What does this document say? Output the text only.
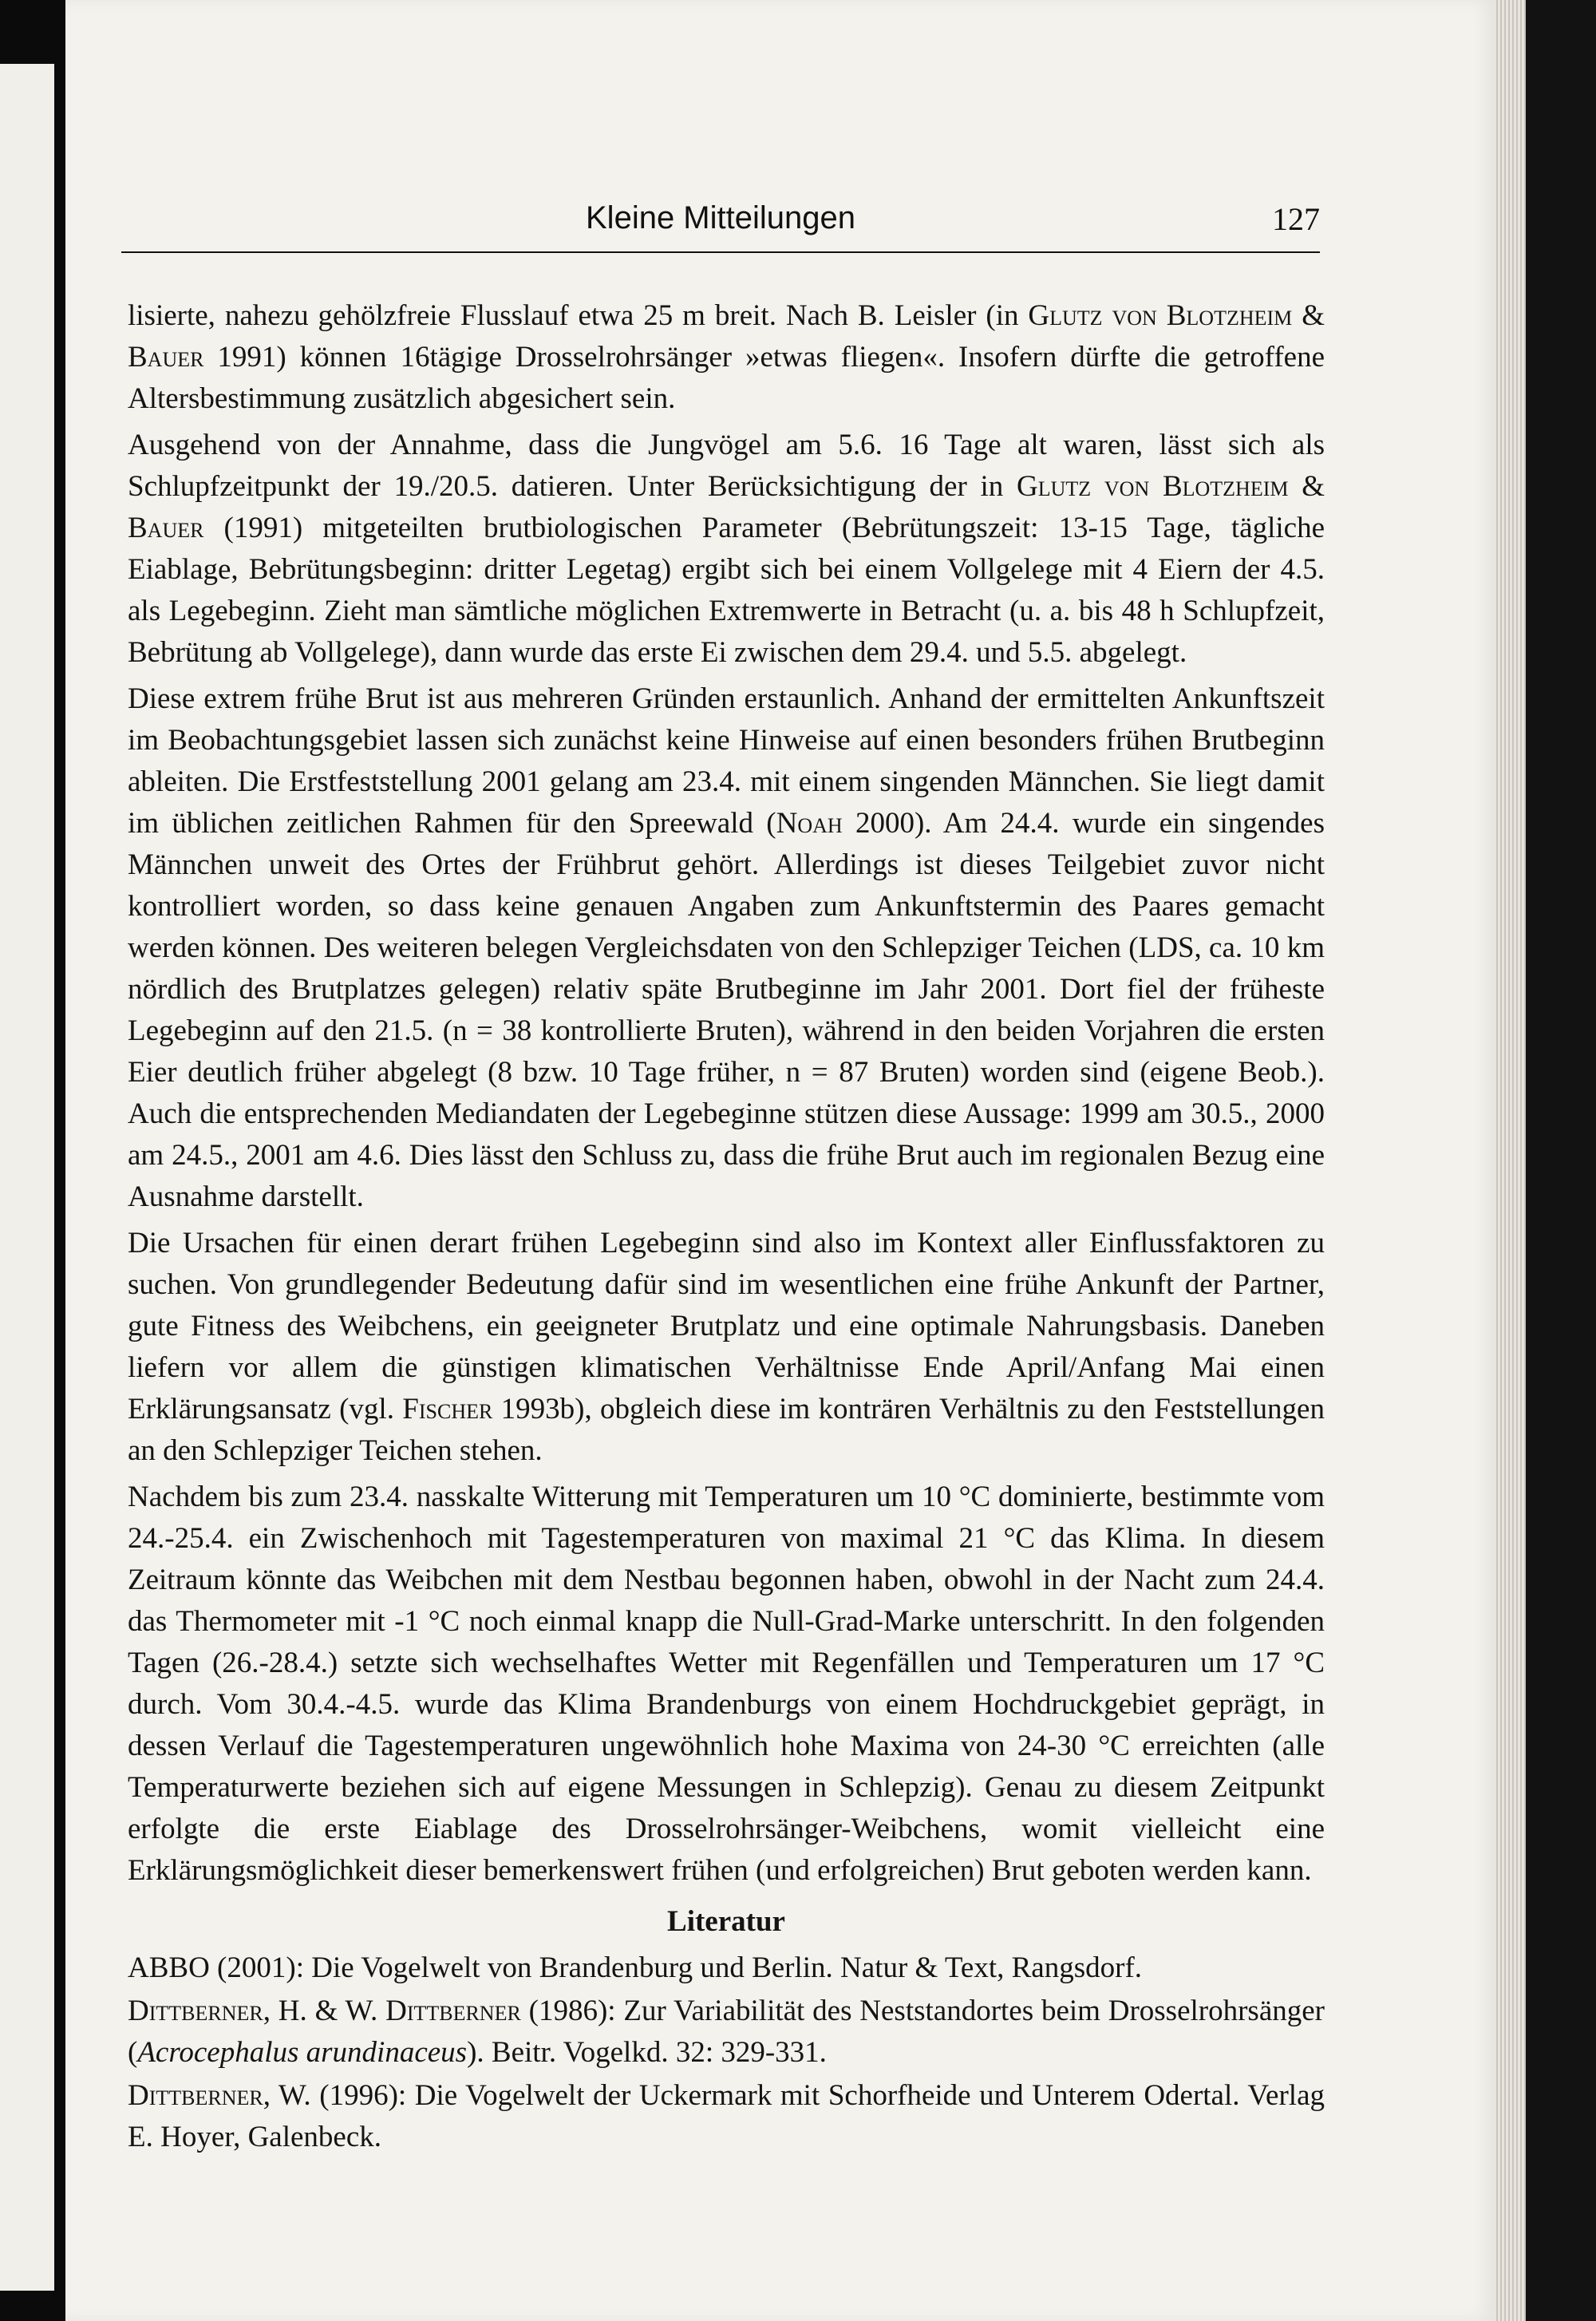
Kleine Mitteilungen	127

lisierte, nahezu gehölzfreie Flusslauf etwa 25 m breit. Nach B. Leisler (in Glutz von Blotzheim & Bauer 1991) können 16tägige Drosselrohrsänger »etwas fliegen«. Insofern dürfte die getroffene Altersbestimmung zusätzlich abgesichert sein.

Ausgehend von der Annahme, dass die Jungvögel am 5.6. 16 Tage alt waren, lässt sich als Schlupfzeitpunkt der 19./20.5. datieren. Unter Berücksichtigung der in Glutz von Blotzheim & Bauer (1991) mitgeteilten brutbiologischen Parameter (Bebrütungszeit: 13-15 Tage, tägliche Eiablage, Bebrütungsbeginn: dritter Legetag) ergibt sich bei einem Vollgelege mit 4 Eiern der 4.5. als Legebeginn. Zieht man sämtliche möglichen Extremwerte in Betracht (u. a. bis 48 h Schlupfzeit, Bebrütung ab Vollgelege), dann wurde das erste Ei zwischen dem 29.4. und 5.5. abgelegt.

Diese extrem frühe Brut ist aus mehreren Gründen erstaunlich. Anhand der ermittelten Ankunftszeit im Beobachtungsgebiet lassen sich zunächst keine Hinweise auf einen besonders frühen Brutbeginn ableiten. Die Erstfeststellung 2001 gelang am 23.4. mit einem singenden Männchen. Sie liegt damit im üblichen zeitlichen Rahmen für den Spreewald (Noah 2000). Am 24.4. wurde ein singendes Männchen unweit des Ortes der Frühbrut gehört. Allerdings ist dieses Teilgebiet zuvor nicht kontrolliert worden, so dass keine genauen Angaben zum Ankunftstermin des Paares gemacht werden können. Des weiteren belegen Vergleichsdaten von den Schlepziger Teichen (LDS, ca. 10 km nördlich des Brutplatzes gelegen) relativ späte Brutbeginne im Jahr 2001. Dort fiel der früheste Legebeginn auf den 21.5. (n = 38 kontrollierte Bruten), während in den beiden Vorjahren die ersten Eier deutlich früher abgelegt (8 bzw. 10 Tage früher, n = 87 Bruten) worden sind (eigene Beob.). Auch die entsprechenden Mediandaten der Legebeginne stützen diese Aussage: 1999 am 30.5., 2000 am 24.5., 2001 am 4.6. Dies lässt den Schluss zu, dass die frühe Brut auch im regionalen Bezug eine Ausnahme darstellt.

Die Ursachen für einen derart frühen Legebeginn sind also im Kontext aller Einflussfaktoren zu suchen. Von grundlegender Bedeutung dafür sind im wesentlichen eine frühe Ankunft der Partner, gute Fitness des Weibchens, ein geeigneter Brutplatz und eine optimale Nahrungsbasis. Daneben liefern vor allem die günstigen klimatischen Verhältnisse Ende April/Anfang Mai einen Erklärungsansatz (vgl. Fischer 1993b), obgleich diese im konträren Verhältnis zu den Feststellungen an den Schlepziger Teichen stehen.

Nachdem bis zum 23.4. nasskalte Witterung mit Temperaturen um 10 °C dominierte, bestimmte vom 24.-25.4. ein Zwischenhoch mit Tagestemperaturen von maximal 21 °C das Klima. In diesem Zeitraum könnte das Weibchen mit dem Nestbau begonnen haben, obwohl in der Nacht zum 24.4. das Thermometer mit -1 °C noch einmal knapp die Null-Grad-Marke unterschritt. In den folgenden Tagen (26.-28.4.) setzte sich wechselhaftes Wetter mit Regenfällen und Temperaturen um 17 °C durch. Vom 30.4.-4.5. wurde das Klima Brandenburgs von einem Hochdruckgebiet geprägt, in dessen Verlauf die Tagestemperaturen ungewöhnlich hohe Maxima von 24-30 °C erreichten (alle Temperaturwerte beziehen sich auf eigene Messungen in Schlepzig). Genau zu diesem Zeitpunkt erfolgte die erste Eiablage des Drosselrohrsänger-Weibchens, womit vielleicht eine Erklärungsmöglichkeit dieser bemerkenswert frühen (und erfolgreichen) Brut geboten werden kann.

Literatur

ABBO (2001): Die Vogelwelt von Brandenburg und Berlin. Natur & Text, Rangsdorf.

Dittberner, H. & W. Dittberner (1986): Zur Variabilität des Neststandortes beim Drosselrohrsänger (Acrocephalus arundinaceus). Beitr. Vogelkd. 32: 329-331.

Dittberner, W. (1996): Die Vogelwelt der Uckermark mit Schorfheide und Unterem Odertal. Verlag E. Hoyer, Galenbeck.
